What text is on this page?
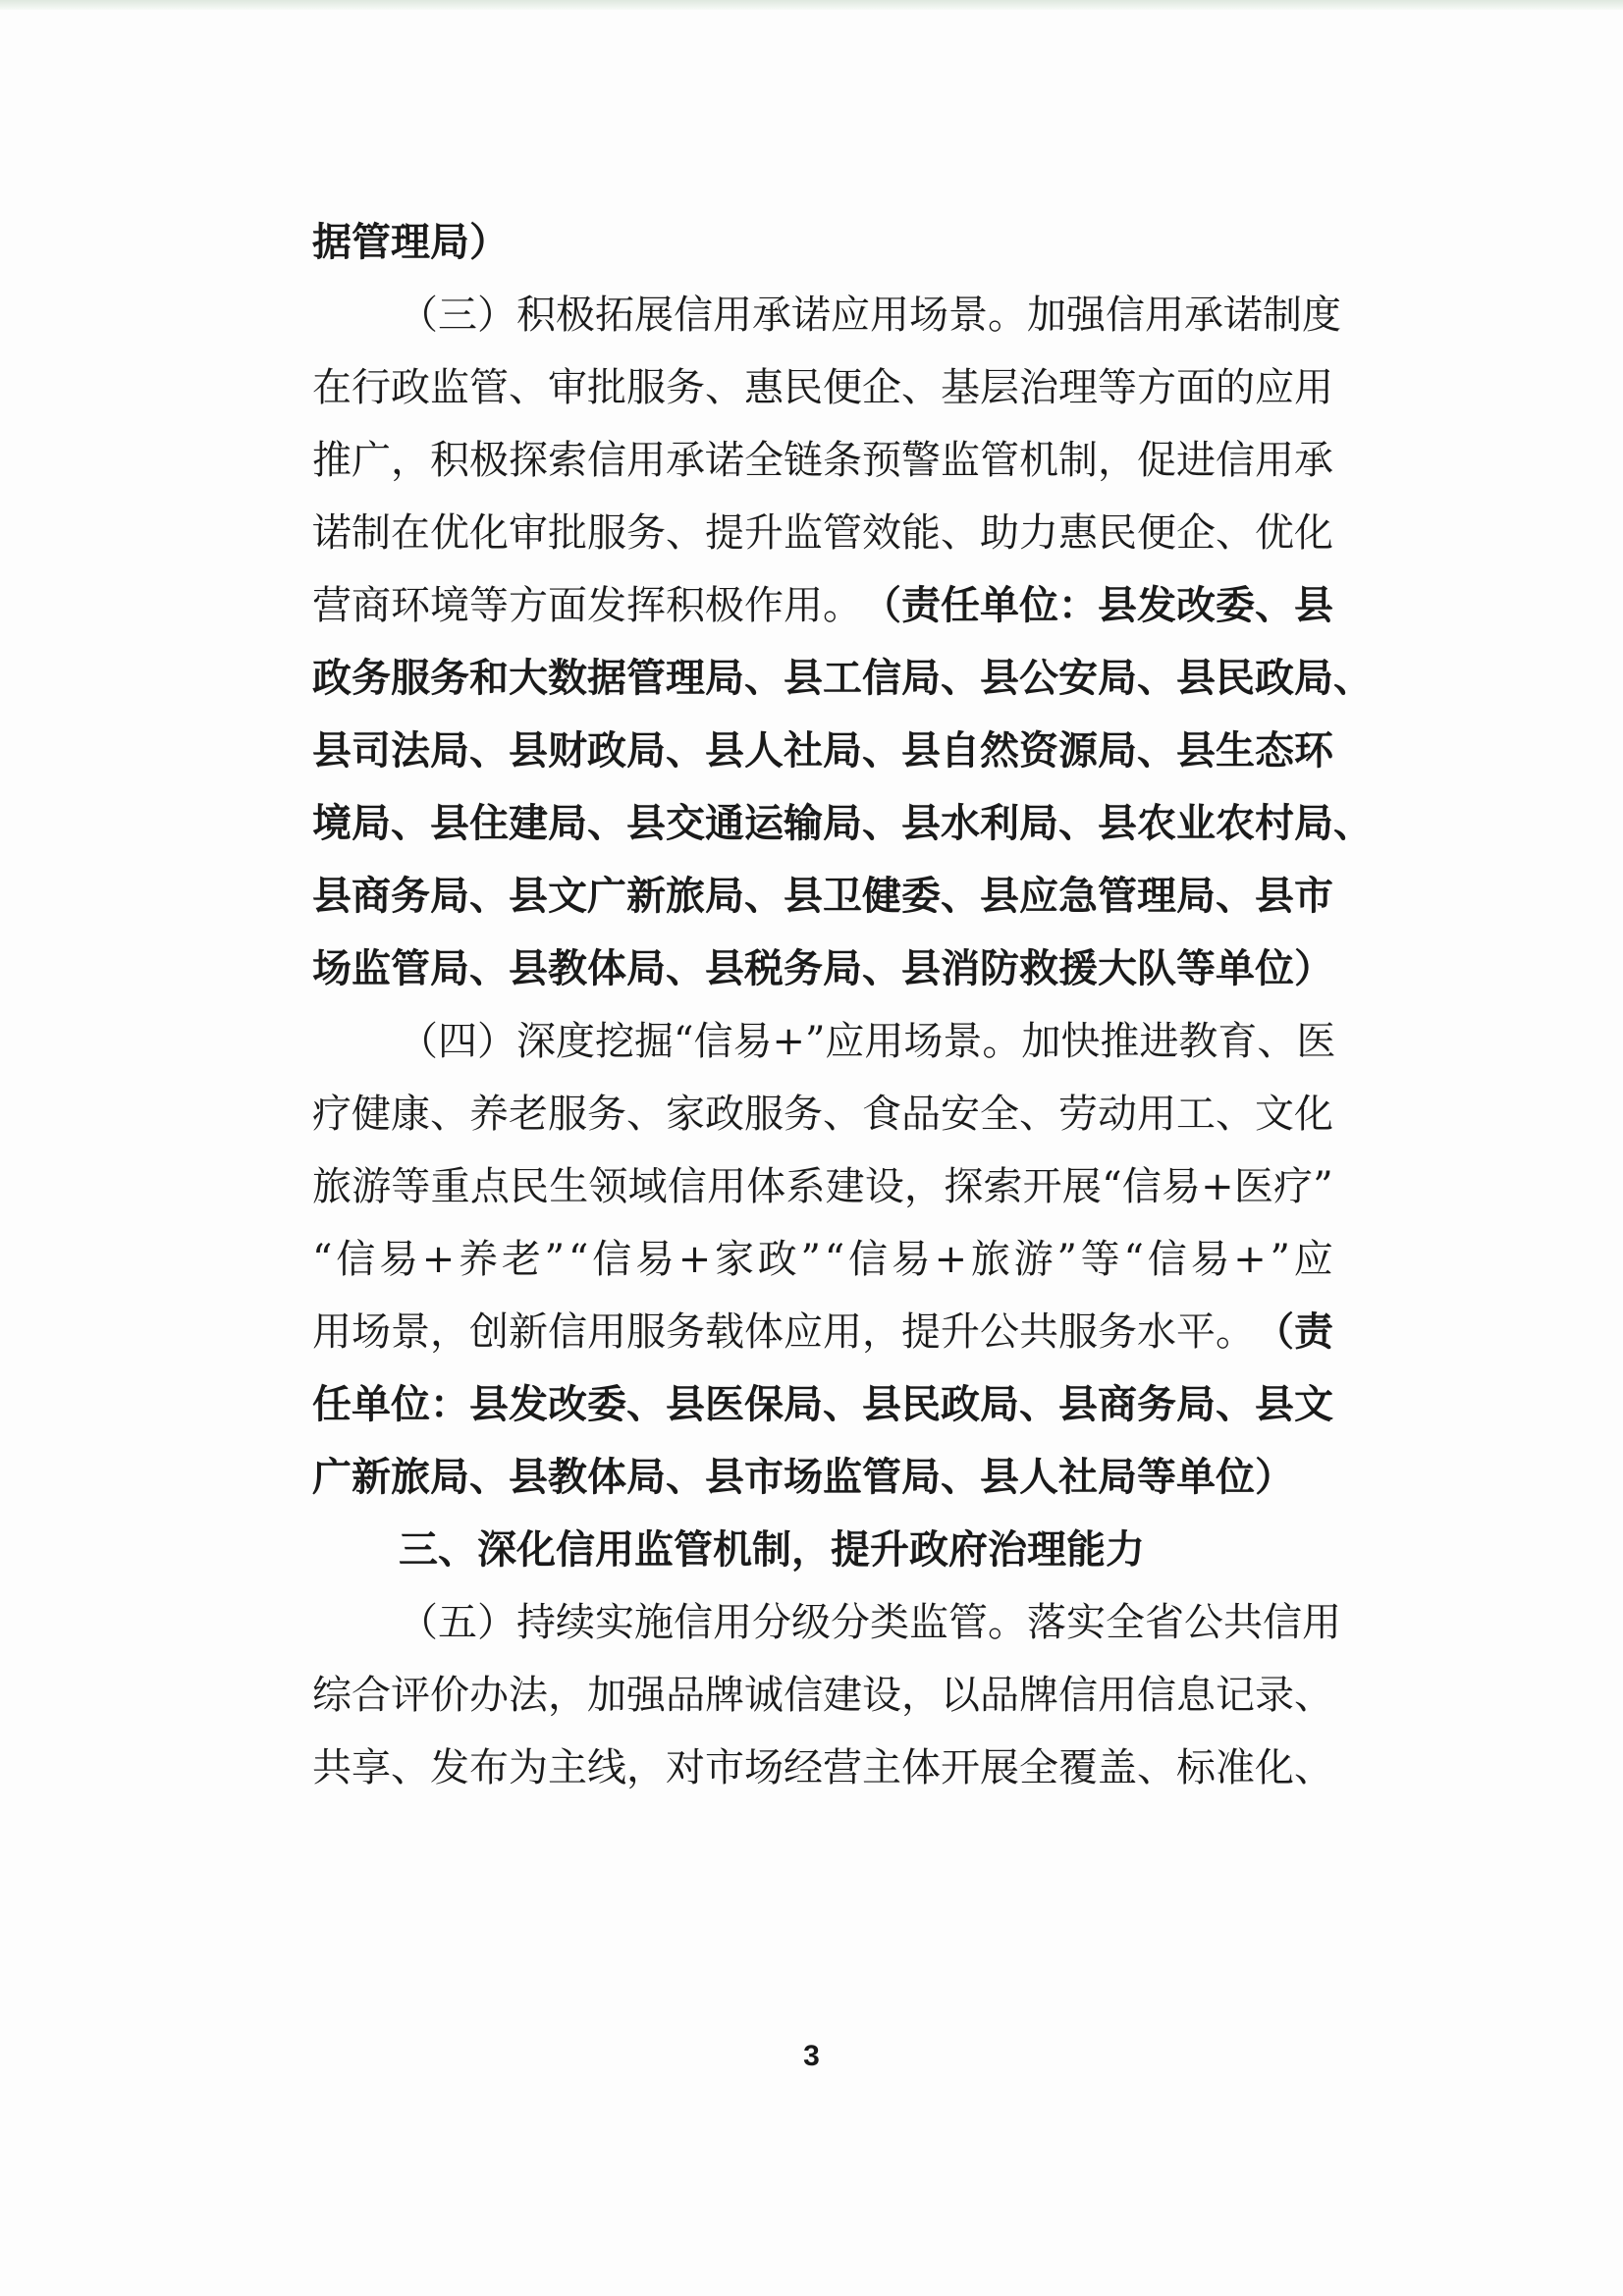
据管理局）
（ 三 ） 积 极 拓 展 信 用 承 诺 应 用 场 景 。 加 强 信 用 承 诺 制 度
在 行 政 监 管 、 审 批 服 务 、 惠 民 便 企 、 基 层 治 理 等 方 面 的 应 用
推 广 ， 积 极 探 索 信 用 承 诺 全 链 条 预 警 监 管 机 制 ， 促 进 信 用 承
诺 制 在 优 化 审 批 服 务 、 提 升 监 管 效 能 、 助 力 惠 民 便 企 、 优 化
营商环境等方面发挥积极作用。 （责任单位：县发改委、县
政 务 服 务 和 大 数 据 管 理 局 、 县 工 信 局 、 县 公 安 局 、 县 民 政 局 、
县 司 法 局 、 县 财 政 局 、 县 人 社 局 、 县 自 然 资 源 局 、 县 生 态 环
境 局 、 县 住 建 局 、 县 交 通 运 输 局 、 县 水 利 局 、 县 农 业 农 村 局 、
县 商 务 局 、 县 文 广 新 旅 局 、 县 卫 健 委 、 县 应 急 管 理 局 、 县 市
场 监 管 局 、 县 教 体 局 、 县 税 务 局 、 县 消 防 救 援 大 队 等 单 位 ）
（ 四 ） 深 度 挖 掘 “ 信 易 + ” 应 用 场 景 。 加 快 推 进 教 育 、 医
疗 健 康 、 养 老 服 务 、 家 政 服 务 、 食 品 安 全 、 劳 动 用 工 、 文 化
旅 游 等 重 点 民 生 领 域 信 用 体 系 建 设 ， 探 索 开 展 “ 信 易 + 医 疗 ”
“ 信 易 + 养 老 ” “ 信 易 + 家 政 ” “ 信 易 + 旅 游 ” 等 “ 信 易 + ” 应
用场景，创新信用服务载体应用，提升公共服务水平。 （责
任 单 位 ： 县 发 改 委 、 县 医 保 局 、 县 民 政 局 、 县 商 务 局 、 县 文
广新旅局、县教体局、县市场监管局、县人社局等单位）
三、深化信用监管机制，提升政府治理能力
（ 五 ） 持 续 实 施 信 用 分 级 分 类 监 管 。 落 实 全 省 公 共 信 用
综 合 评 价 办 法 ， 加 强 品 牌 诚 信 建 设 ， 以 品 牌 信 用 信 息 记 录 、
共 享 、 发 布 为 主 线 ， 对 市 场 经 营 主 体 开 展 全 覆 盖 、 标 准 化 、
3
